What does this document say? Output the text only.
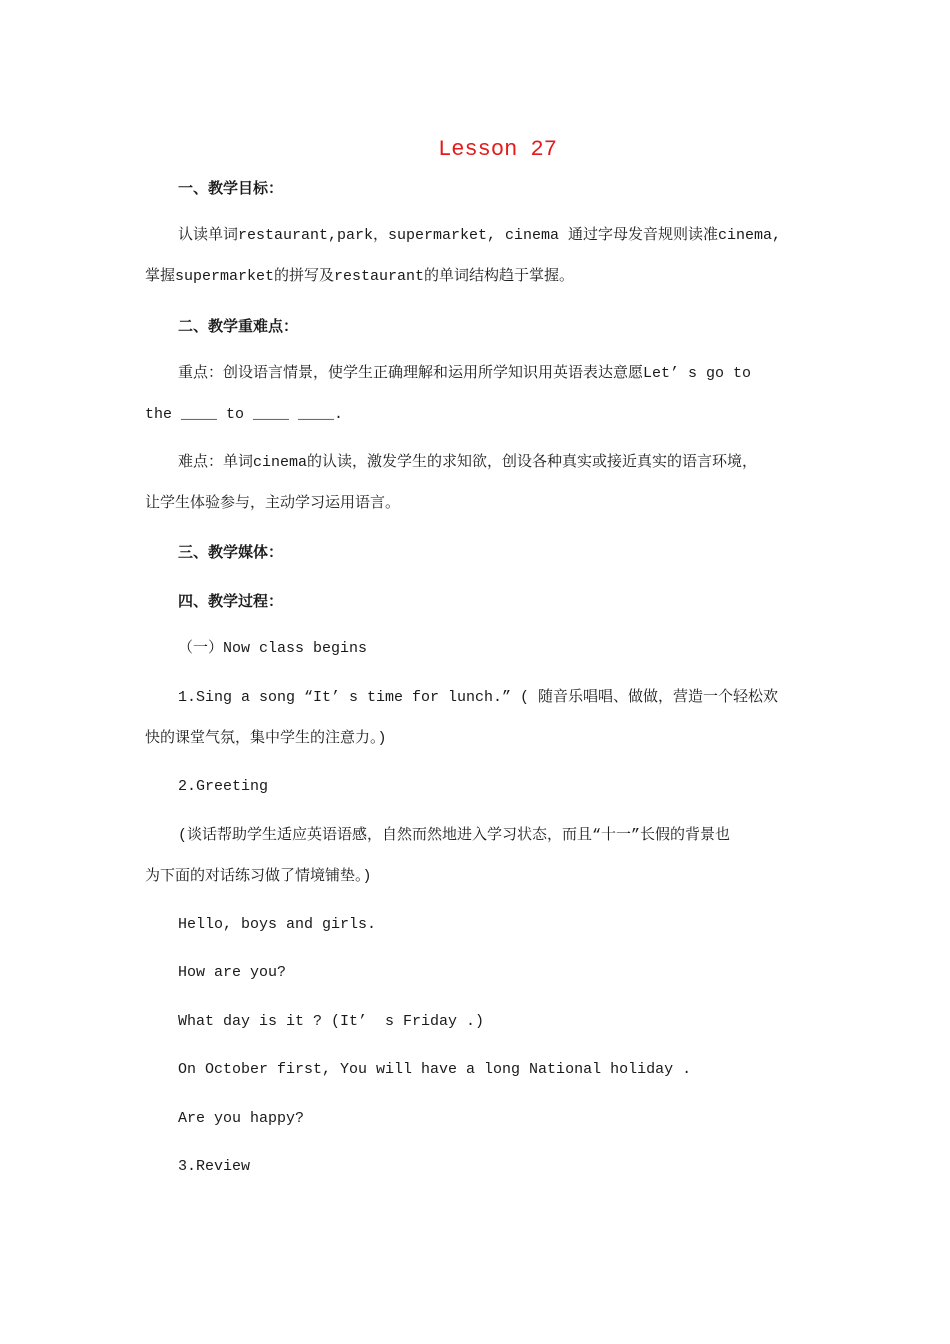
Lesson 27
一、教学目标：
认读单词restaurant,park，supermarket, cinema 通过字母发音规则读准cinema,
掌握supermarket的拼写及restaurant的单词结构趋于掌握。
二、教学重难点：
重点：创设语言情景，使学生正确理解和运用所学知识用英语表达意愿Let’ s go to
the ____ to ____ ____.
难点：单词cinema的认读，激发学生的求知欲，创设各种真实或接近真实的语言环境，
让学生体验参与，主动学习运用语言。
三、教学媒体：
四、教学过程：
（一）Now class begins
1.Sing a song “It’ s time for lunch.” ( 随音乐唱唱、做做，营造一个轻松欢
快的课堂气氛，集中学生的注意力。)
2.Greeting
(谈话帮助学生适应英语语感，自然而然地进入学习状态，而且“十一”长假的背景也
为下面的对话练习做了情境铺垫。)
Hello, boys and girls.
How are you?
What day is it ? (It’  s Friday .)
On October first, You will have a long National holiday .
Are you happy?
3.Review
